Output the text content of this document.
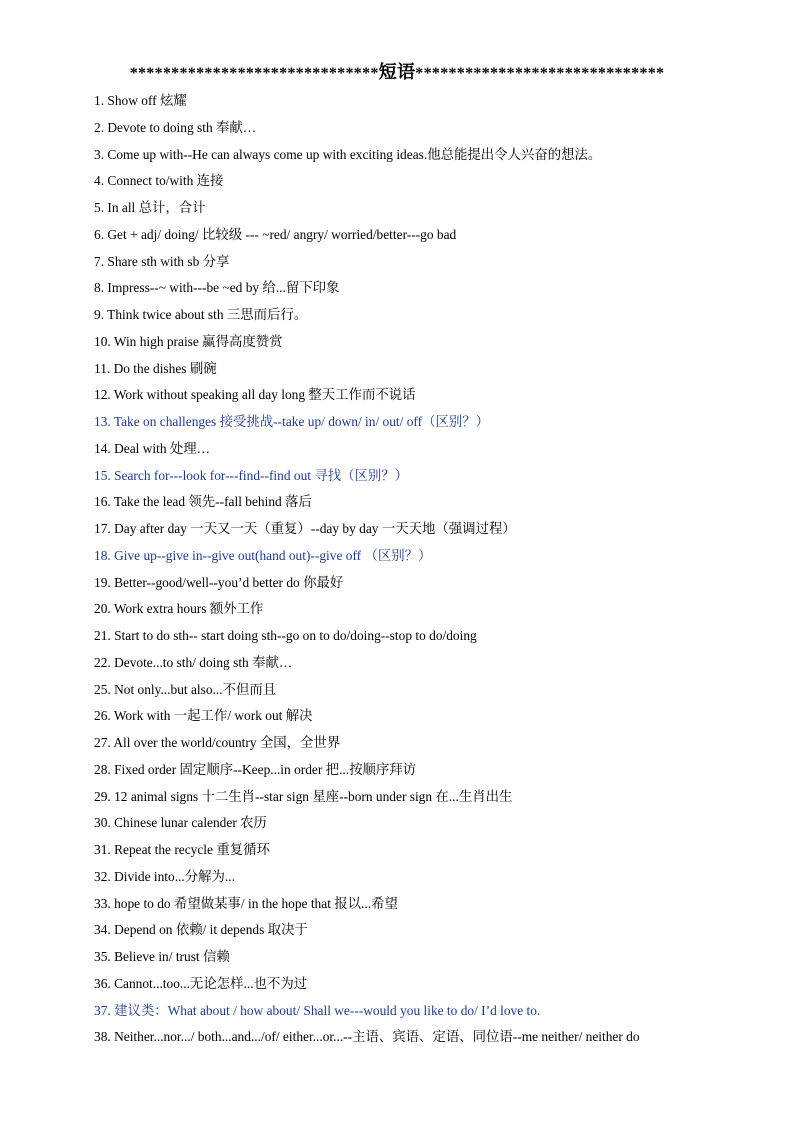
******************************短语******************************
1. Show off 炫耀
2. Devote to doing sth 奉献…
3. Come up with--He can always come up with exciting ideas.他总能提出令人兴奋的想法。
4. Connect to/with 连接
5. In all 总计，合计
6. Get + adj/ doing/ 比较级 --- ~red/ angry/ worried/better---go bad
7. Share sth with sb 分享
8. Impress--~ with---be ~ed by 给...留下印象
9. Think twice about sth 三思而后行。
10. Win high praise 赢得高度赞赏
11. Do the dishes 刷碗
12. Work without speaking all day long 整天工作而不说话
13. Take on challenges 接受挑战--take up/ down/ in/ out/ off（区别？）
14. Deal with 处理…
15. Search for---look for---find--find out 寻找（区别？）
16. Take the lead 领先--fall behind 落后
17. Day after day 一天又一天（重复）--day by day 一天天地（强调过程）
18. Give up--give in--give out(hand out)--give off （区别？）
19. Better--good/well--you’d better do 你最好
20. Work extra hours 额外工作
21. Start to do sth-- start doing sth--go on to do/doing--stop to do/doing
22. Devote...to sth/ doing sth 奉献…
25. Not only...but also...不但而且
26. Work with 一起工作/ work out 解决
27. All over the world/country 全国，全世界
28. Fixed order 固定顺序--Keep...in order 把...按顺序拜访
29. 12 animal signs 十二生肖--star sign 星座--born under sign 在...生肖出生
30. Chinese lunar calender 农历
31. Repeat the recycle 重复循环
32. Divide into...分解为...
33. hope to do 希望做某事/ in the hope that 报以...希望
34. Depend on 依赖/ it depends 取决于
35. Believe in/ trust 信赖
36. Cannot...too...无论怎样...也不为过
37. 建议类：What about / how about/ Shall we---would you like to do/ I’d love to.
38. Neither...nor.../ both...and.../of/ either...or...--主语、宾语、定语、同位语--me neither/ neither do
